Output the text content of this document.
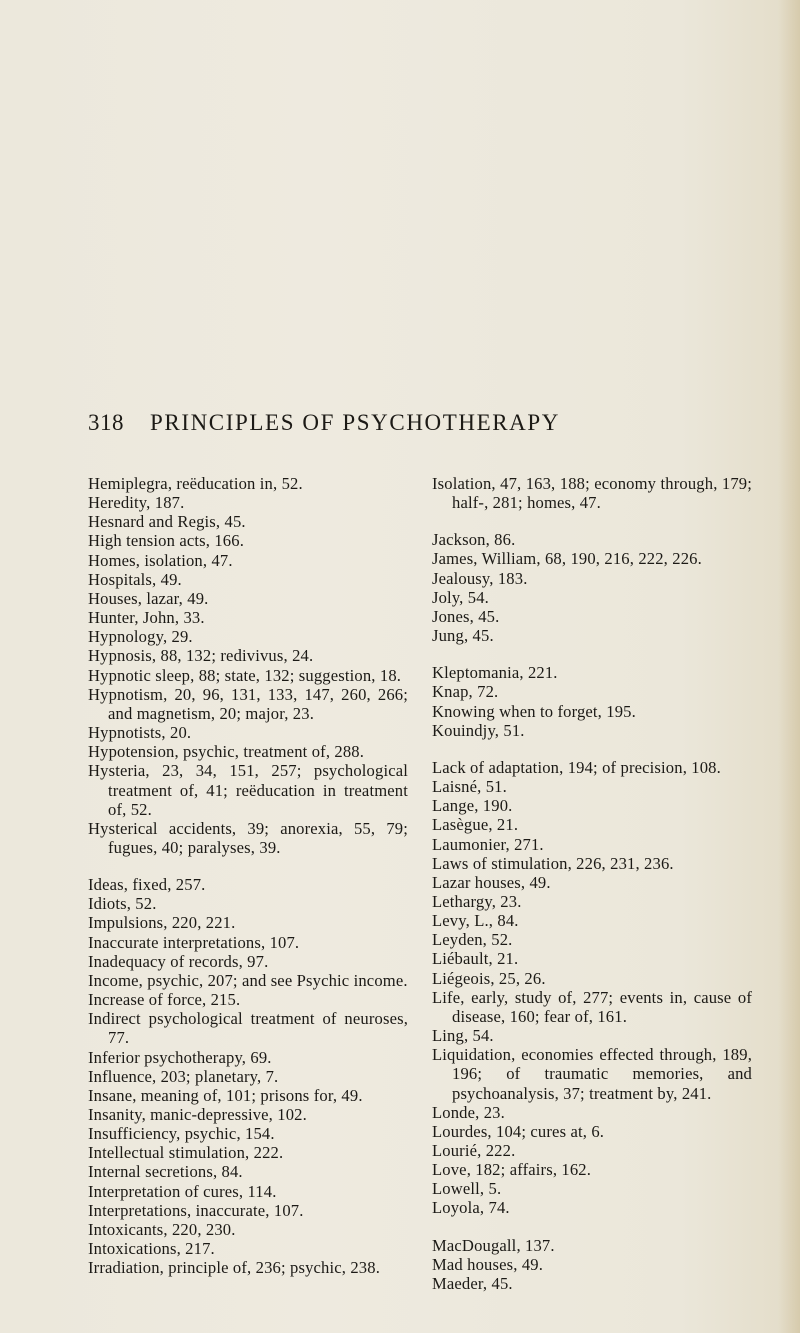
318 PRINCIPLES OF PSYCHOTHERAPY
Hemiplegra, reëducation in, 52.
Heredity, 187.
Hesnard and Regis, 45.
High tension acts, 166.
Homes, isolation, 47.
Hospitals, 49.
Houses, lazar, 49.
Hunter, John, 33.
Hypnology, 29.
Hypnosis, 88, 132; redivivus, 24.
Hypnotic sleep, 88; state, 132; suggestion, 18.
Hypnotism, 20, 96, 131, 133, 147, 260, 266; and magnetism, 20; major, 23.
Hypnotists, 20.
Hypotension, psychic, treatment of, 288.
Hysteria, 23, 34, 151, 257; psychological treatment of, 41; reëducation in treatment of, 52.
Hysterical accidents, 39; anorexia, 55, 79; fugues, 40; paralyses, 39.
Ideas, fixed, 257.
Idiots, 52.
Impulsions, 220, 221.
Inaccurate interpretations, 107.
Inadequacy of records, 97.
Income, psychic, 207; and see Psychic income.
Increase of force, 215.
Indirect psychological treatment of neuroses, 77.
Inferior psychotherapy, 69.
Influence, 203; planetary, 7.
Insane, meaning of, 101; prisons for, 49.
Insanity, manic-depressive, 102.
Insufficiency, psychic, 154.
Intellectual stimulation, 222.
Internal secretions, 84.
Interpretation of cures, 114.
Interpretations, inaccurate, 107.
Intoxicants, 220, 230.
Intoxications, 217.
Irradiation, principle of, 236; psychic, 238.
Isolation, 47, 163, 188; economy through, 179; half-, 281; homes, 47.
Jackson, 86.
James, William, 68, 190, 216, 222, 226.
Jealousy, 183.
Joly, 54.
Jones, 45.
Jung, 45.
Kleptomania, 221.
Knap, 72.
Knowing when to forget, 195.
Kouindjy, 51.
Lack of adaptation, 194; of precision, 108.
Laisné, 51.
Lange, 190.
Lasègue, 21.
Laumonier, 271.
Laws of stimulation, 226, 231, 236.
Lazar houses, 49.
Lethargy, 23.
Levy, L., 84.
Leyden, 52.
Liébault, 21.
Liégeois, 25, 26.
Life, early, study of, 277; events in, cause of disease, 160; fear of, 161.
Ling, 54.
Liquidation, economies effected through, 189, 196; of traumatic memories, and psychoanalysis, 37; treatment by, 241.
Londe, 23.
Lourdes, 104; cures at, 6.
Lourié, 222.
Love, 182; affairs, 162.
Lowell, 5.
Loyola, 74.
MacDougall, 137.
Mad houses, 49.
Maeder, 45.
